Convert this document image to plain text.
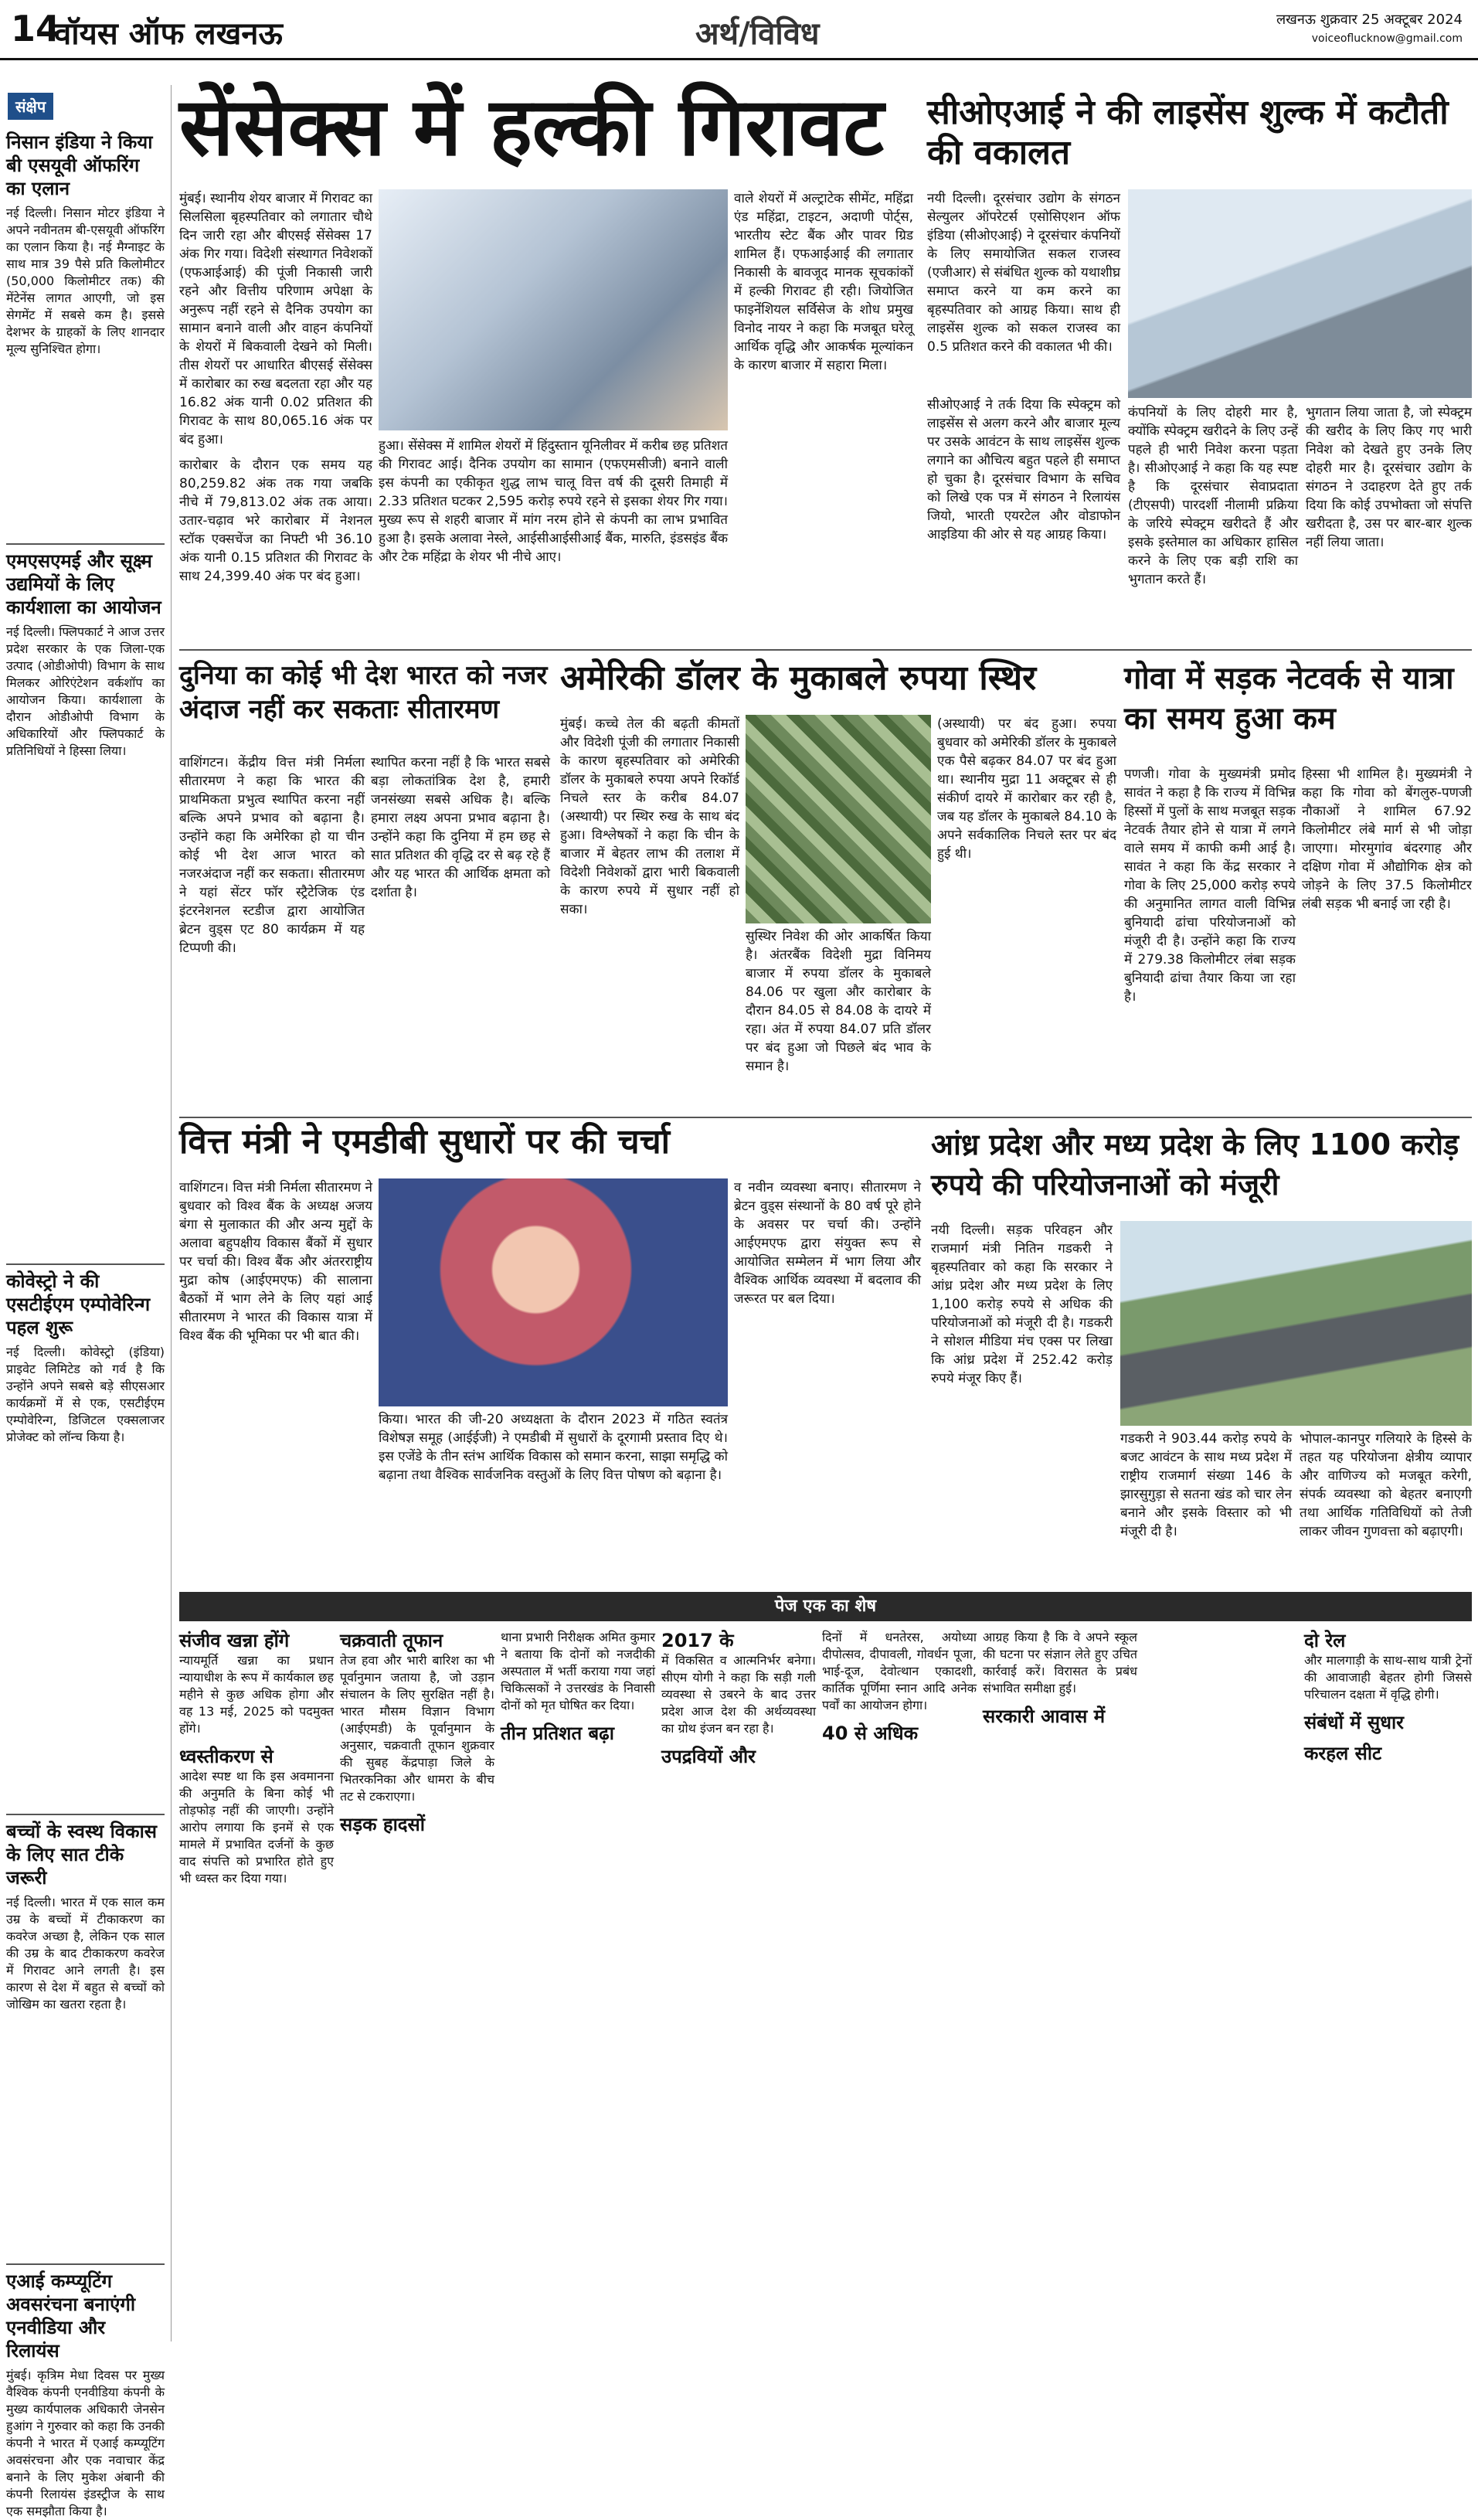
14
वॉयस ऑफ लखनऊ	अर्थ/विविध	लखनऊ शुक्रवार 25 अक्टूबर 2024
voiceoflucknow@gmail.com
संक्षेप
निसान इंडिया ने किया बी एसयूवी ऑफरिंग का एलान
नई दिल्ली। निसान मोटर इंडिया ने अपने नवीनतम बी-एसयूवी ऑफरिंग का एलान किया है। नई मैग्नाइट के साथ मात्र 39 पैसे प्रति किलोमीटर (50,000 किलोमीटर तक) की मेंटेनेंस लागत आएगी, जो इस सेगमेंट में सबसे कम है। इससे देशभर के ग्राहकों के लिए शानदार मूल्य सुनिश्चित होगा।
एमएसएमई और सूक्ष्म उद्यमियों के लिए कार्यशाला का आयोजन
नई दिल्ली। फ्लिपकार्ट ने आज उत्तर प्रदेश सरकार के एक जिला-एक उत्पाद (ओडीओपी) विभाग के साथ मिलकर ओरिएंटेशन वर्कशॉप का आयोजन किया। कार्यशाला के दौरान ओडीओपी विभाग के अधिकारियों और फ्लिपकार्ट के प्रतिनिधियों ने हिस्सा लिया।
कोवेस्ट्रो ने की एसटीईएम एम्पोवेरिन्ग पहल शुरू
नई दिल्ली। कोवेस्ट्रो (इंडिया) प्राइवेट लिमिटेड को गर्व है कि उन्होंने अपने सबसे बड़े सीएसआर कार्यक्रमों में से एक, एसटीईएम एम्पोवेरिन्ग, डिजिटल एक्सलाजर प्रोजेक्ट को लॉन्च किया है।
बच्चों के स्वस्थ विकास के लिए सात टीके जरूरी
नई दिल्ली। भारत में एक साल कम उम्र के बच्चों में टीकाकरण का कवरेज अच्छा है, लेकिन एक साल की उम्र के बाद टीकाकरण कवरेज में गिरावट आने लगती है। इस कारण से देश में बहुत से बच्चों को जोखिम का खतरा रहता है।
एआई कम्प्यूटिंग अवसरंचना बनाएंगी एनवीडिया और रिलायंस
मुंबई। कृत्रिम मेधा दिवस पर मुख्य वैश्विक कंपनी एनवीडिया कंपनी के मुख्य कार्यपालक अधिकारी जेनसेन हुआंग ने गुरुवार को कहा कि उनकी कंपनी ने भारत में एआई कम्प्यूटिंग अवसंरचना और एक नवाचार केंद्र बनाने के लिए मुकेश अंबानी की कंपनी रिलायंस इंडस्ट्रीज के साथ एक समझौता किया है।
सेंसेक्स में हल्की गिरावट
मुंबई। स्थानीय शेयर बाजार में गिरावट का सिलसिला बृहस्पतिवार को लगातार चौथे दिन जारी रहा और बीएसई सेंसेक्स 17 अंक गिर गया। विदेशी संस्थागत निवेशकों (एफआईआई) की पूंजी निकासी जारी रहने और वित्तीय परिणाम अपेक्षा के अनुरूप नहीं रहने से दैनिक उपयोग का सामान बनाने वाली और वाहन कंपनियों के शेयरों में बिकवाली देखने को मिली। तीस शेयरों पर आधारित बीएसई सेंसेक्स में कारोबार का रुख बदलता रहा और यह 16.82 अंक यानी 0.02 प्रतिशत की गिरावट के साथ 80,065.16 अंक पर बंद हुआ।
कारोबार के दौरान एक समय यह 80,259.82 अंक तक गया जबकि नीचे में 79,813.02 अंक तक आया। उतार-चढ़ाव भरे कारोबार में नेशनल स्टॉक एक्सचेंज का निफ्टी भी 36.10 अंक यानी 0.15 प्रतिशत की गिरावट के साथ 24,399.40 अंक पर बंद हुआ।
वाले शेयरों में अल्ट्राटेक सीमेंट, महिंद्रा एंड महिंद्रा, टाइटन, अदाणी पोर्ट्स, भारतीय स्टेट बैंक और पावर ग्रिड शामिल हैं। एफआईआई की लगातार निकासी के बावजूद मानक सूचकांकों में हल्की गिरावट ही रही। जियोजित फाइनेंशियल सर्विसेज के शोध प्रमुख विनोद नायर ने कहा कि मजबूत घरेलू आर्थिक वृद्धि और आकर्षक मूल्यांकन के कारण बाजार में सहारा मिला।
हुआ। सेंसेक्स में शामिल शेयरों में हिंदुस्तान यूनिलीवर में करीब छह प्रतिशत की गिरावट आई। दैनिक उपयोग का सामान (एफएमसीजी) बनाने वाली इस कंपनी का एकीकृत शुद्ध लाभ चालू वित्त वर्ष की दूसरी तिमाही में 2.33 प्रतिशत घटकर 2,595 करोड़ रुपये रहने से इसका शेयर गिर गया। मुख्य रूप से शहरी बाजार में मांग नरम होने से कंपनी का लाभ प्रभावित हुआ है। इसके अलावा नेस्ले, आईसीआईसीआई बैंक, मारुति, इंडसइंड बैंक और टेक महिंद्रा के शेयर भी नीचे आए।
सीओएआई ने की लाइसेंस शुल्क में कटौती की वकालत
नयी दिल्ली। दूरसंचार उद्योग के संगठन सेल्युलर ऑपरेटर्स एसोसिएशन ऑफ इंडिया (सीओएआई) ने दूरसंचार कंपनियों के लिए समायोजित सकल राजस्व (एजीआर) से संबंधित शुल्क को यथाशीघ्र समाप्त करने या कम करने का बृहस्पतिवार को आग्रह किया। साथ ही लाइसेंस शुल्क को सकल राजस्व का 0.5 प्रतिशत करने की वकालत भी की।
सीओएआई ने तर्क दिया कि स्पेक्ट्रम को लाइसेंस से अलग करने और बाजार मूल्य पर उसके आवंटन के साथ लाइसेंस शुल्क लगाने का औचित्य बहुत पहले ही समाप्त हो चुका है। दूरसंचार विभाग के सचिव को लिखे एक पत्र में संगठन ने रिलायंस जियो, भारती एयरटेल और वोडाफोन आइडिया की ओर से यह आग्रह किया।
कंपनियों के लिए दोहरी मार है, क्योंकि स्पेक्ट्रम खरीदने के लिए उन्हें पहले ही भारी निवेश करना पड़ता है। सीओएआई ने कहा कि यह स्पष्ट है कि दूरसंचार सेवाप्रदाता (टीएसपी) पारदर्शी नीलामी प्रक्रिया के जरिये स्पेक्ट्रम खरीदते हैं और इसके इस्तेमाल का अधिकार हासिल करने के लिए एक बड़ी राशि का भुगतान करते हैं।
भुगतान लिया जाता है, जो स्पेक्ट्रम की खरीद के लिए किए गए भारी निवेश को देखते हुए उनके लिए दोहरी मार है। दूरसंचार उद्योग के संगठन ने उदाहरण देते हुए तर्क दिया कि कोई उपभोक्ता जो संपत्ति खरीदता है, उस पर बार-बार शुल्क नहीं लिया जाता।
दुनिया का कोई भी देश भारत को नजर अंदाज नहीं कर सकताः सीतारमण
वाशिंगटन। केंद्रीय वित्त मंत्री निर्मला सीतारमण ने कहा कि भारत की प्राथमिकता प्रभुत्व स्थापित करना नहीं बल्कि अपने प्रभाव को बढ़ाना है। उन्होंने कहा कि अमेरिका हो या चीन कोई भी देश आज भारत को नजरअंदाज नहीं कर सकता। सीतारमण ने यहां सेंटर फॉर स्ट्रैटेजिक एंड इंटरनेशनल स्टडीज द्वारा आयोजित ब्रेटन वुड्स एट 80 कार्यक्रम में यह टिप्पणी की।
स्थापित करना नहीं है कि भारत सबसे बड़ा लोकतांत्रिक देश है, हमारी जनसंख्या सबसे अधिक है। बल्कि हमारा लक्ष्य अपना प्रभाव बढ़ाना है। उन्होंने कहा कि दुनिया में हम छह से सात प्रतिशत की वृद्धि दर से बढ़ रहे हैं और यह भारत की आर्थिक क्षमता को दर्शाता है।
अमेरिकी डॉलर के मुकाबले रुपया स्थिर
मुंबई। कच्चे तेल की बढ़ती कीमतों और विदेशी पूंजी की लगातार निकासी के कारण बृहस्पतिवार को अमेरिकी डॉलर के मुकाबले रुपया अपने रिकॉर्ड निचले स्तर के करीब 84.07 (अस्थायी) पर स्थिर रुख के साथ बंद हुआ। विश्लेषकों ने कहा कि चीन के बाजार में बेहतर लाभ की तलाश में विदेशी निवेशकों द्वारा भारी बिकवाली के कारण रुपये में सुधार नहीं हो सका।
सुस्थिर निवेश की ओर आकर्षित किया है। अंतरबैंक विदेशी मुद्रा विनिमय बाजार में रुपया डॉलर के मुकाबले 84.06 पर खुला और कारोबार के दौरान 84.05 से 84.08 के दायरे में रहा। अंत में रुपया 84.07 प्रति डॉलर पर बंद हुआ जो पिछले बंद भाव के समान है।
(अस्थायी) पर बंद हुआ। रुपया बुधवार को अमेरिकी डॉलर के मुकाबले एक पैसे बढ़कर 84.07 पर बंद हुआ था। स्थानीय मुद्रा 11 अक्टूबर से ही संकीर्ण दायरे में कारोबार कर रही है, जब यह डॉलर के मुकाबले 84.10 के अपने सर्वकालिक निचले स्तर पर बंद हुई थी।
गोवा में सड़क नेटवर्क से यात्रा का समय हुआ कम
पणजी। गोवा के मुख्यमंत्री प्रमोद सावंत ने कहा है कि राज्य में विभिन्न हिस्सों में पुलों के साथ मजबूत सड़क नेटवर्क तैयार होने से यात्रा में लगने वाले समय में काफी कमी आई है। सावंत ने कहा कि केंद्र सरकार ने गोवा के लिए 25,000 करोड़ रुपये की अनुमानित लागत वाली विभिन्न बुनियादी ढांचा परियोजनाओं को मंजूरी दी है। उन्होंने कहा कि राज्य में 279.38 किलोमीटर लंबा सड़क बुनियादी ढांचा तैयार किया जा रहा है।
हिस्सा भी शामिल है। मुख्यमंत्री ने कहा कि गोवा को बेंगलुरु-पणजी नौकाओं ने शामिल 67.92 किलोमीटर लंबे मार्ग से भी जोड़ा जाएगा। मोरमुगांव बंदरगाह और दक्षिण गोवा में औद्योगिक क्षेत्र को जोड़ने के लिए 37.5 किलोमीटर लंबी सड़क भी बनाई जा रही है।
वित्त मंत्री ने एमडीबी सुधारों पर की चर्चा
वाशिंगटन। वित्त मंत्री निर्मला सीतारमण ने बुधवार को विश्व बैंक के अध्यक्ष अजय बंगा से मुलाकात की और अन्य मुद्दों के अलावा बहुपक्षीय विकास बैंकों में सुधार पर चर्चा की। विश्व बैंक और अंतरराष्ट्रीय मुद्रा कोष (आईएमएफ) की सालाना बैठकों में भाग लेने के लिए यहां आई सीतारमण ने भारत की विकास यात्रा में विश्व बैंक की भूमिका पर भी बात की।
किया। भारत की जी-20 अध्यक्षता के दौरान 2023 में गठित स्वतंत्र विशेषज्ञ समूह (आईईजी) ने एमडीबी में सुधारों के दूरगामी प्रस्ताव दिए थे। इस एजेंडे के तीन स्तंभ आर्थिक विकास को समान करना, साझा समृद्धि को बढ़ाना तथा वैश्विक सार्वजनिक वस्तुओं के लिए वित्त पोषण को बढ़ाना है।
व नवीन व्यवस्था बनाए। सीतारमण ने ब्रेटन वुड्स संस्थानों के 80 वर्ष पूरे होने के अवसर पर चर्चा की। उन्होंने आईएमएफ द्वारा संयुक्त रूप से आयोजित सम्मेलन में भाग लिया और वैश्विक आर्थिक व्यवस्था में बदलाव की जरूरत पर बल दिया।
आंध्र प्रदेश और मध्य प्रदेश के लिए 1100 करोड़ रुपये की परियोजनाओं को मंजूरी
नयी दिल्ली। सड़क परिवहन और राजमार्ग मंत्री नितिन गडकरी ने बृहस्पतिवार को कहा कि सरकार ने आंध्र प्रदेश और मध्य प्रदेश के लिए 1,100 करोड़ रुपये से अधिक की परियोजनाओं को मंजूरी दी है। गडकरी ने सोशल मीडिया मंच एक्स पर लिखा कि आंध्र प्रदेश में 252.42 करोड़ रुपये मंजूर किए हैं।
गडकरी ने 903.44 करोड़ रुपये के बजट आवंटन के साथ मध्य प्रदेश में राष्ट्रीय राजमार्ग संख्या 146 के झारसुगुड़ा से सतना खंड को चार लेन बनाने और इसके विस्तार को भी मंजूरी दी है।
भोपाल-कानपुर गलियारे के हिस्से के तहत यह परियोजना क्षेत्रीय व्यापार और वाणिज्य को मजबूत करेगी, संपर्क व्यवस्था को बेहतर बनाएगी तथा आर्थिक गतिविधियों को तेजी लाकर जीवन गुणवत्ता को बढ़ाएगी।
पेज एक का शेष
संजीव खन्ना होंगे
न्यायमूर्ति खन्ना का प्रधान न्यायाधीश के रूप में कार्यकाल छह महीने से कुछ अधिक होगा और वह 13 मई, 2025 को पदमुक्त होंगे।
ध्वस्तीकरण से
आदेश स्पष्ट था कि इस अवमानना की अनुमति के बिना कोई भी तोड़फोड़ नहीं की जाएगी। उन्होंने आरोप लगाया कि इनमें से एक मामले में प्रभावित दर्जनों के कुछ वाद संपत्ति को प्रभारित होते हुए भी ध्वस्त कर दिया गया।
चक्रवाती तूफान
तेज हवा और भारी बारिश का भी पूर्वानुमान जताया है, जो उड़ान संचालन के लिए सुरक्षित नहीं है। भारत मौसम विज्ञान विभाग (आईएमडी) के पूर्वानुमान के अनुसार, चक्रवाती तूफान शुक्रवार की सुबह केंद्रपाड़ा जिले के भितरकनिका और धामरा के बीच तट से टकराएगा।
सड़क हादसों
थाना प्रभारी निरीक्षक अमित कुमार ने बताया कि दोनों को नजदीकी अस्पताल में भर्ती कराया गया जहां चिकित्सकों ने उत्तरखंड के निवासी दोनों को मृत घोषित कर दिया।
तीन प्रतिशत बढ़ा
2017 के
में विकसित व आत्मनिर्भर बनेगा। सीएम योगी ने कहा कि सड़ी गली व्यवस्था से उबरने के बाद उत्तर प्रदेश आज देश की अर्थव्यवस्था का ग्रोथ इंजन बन रहा है।
उपद्रवियों और
दिनों में धनतेरस, अयोध्या दीपोत्सव, दीपावली, गोवर्धन पूजा, भाई-दूज, देवोत्थान एकादशी, कार्तिक पूर्णिमा स्नान आदि अनेक पर्वों का आयोजन होगा।
40 से अधिक
आग्रह किया है कि वे अपने स्कूल की घटना पर संज्ञान लेते हुए उचित कार्रवाई करें। विरासत के प्रबंध संभावित समीक्षा हुई।
सरकारी आवास में
दो रेल
और मालगाड़ी के साथ-साथ यात्री ट्रेनों की आवाजाही बेहतर होगी जिससे परिचालन दक्षता में वृद्धि होगी।
संबंधों में सुधार
करहल सीट
